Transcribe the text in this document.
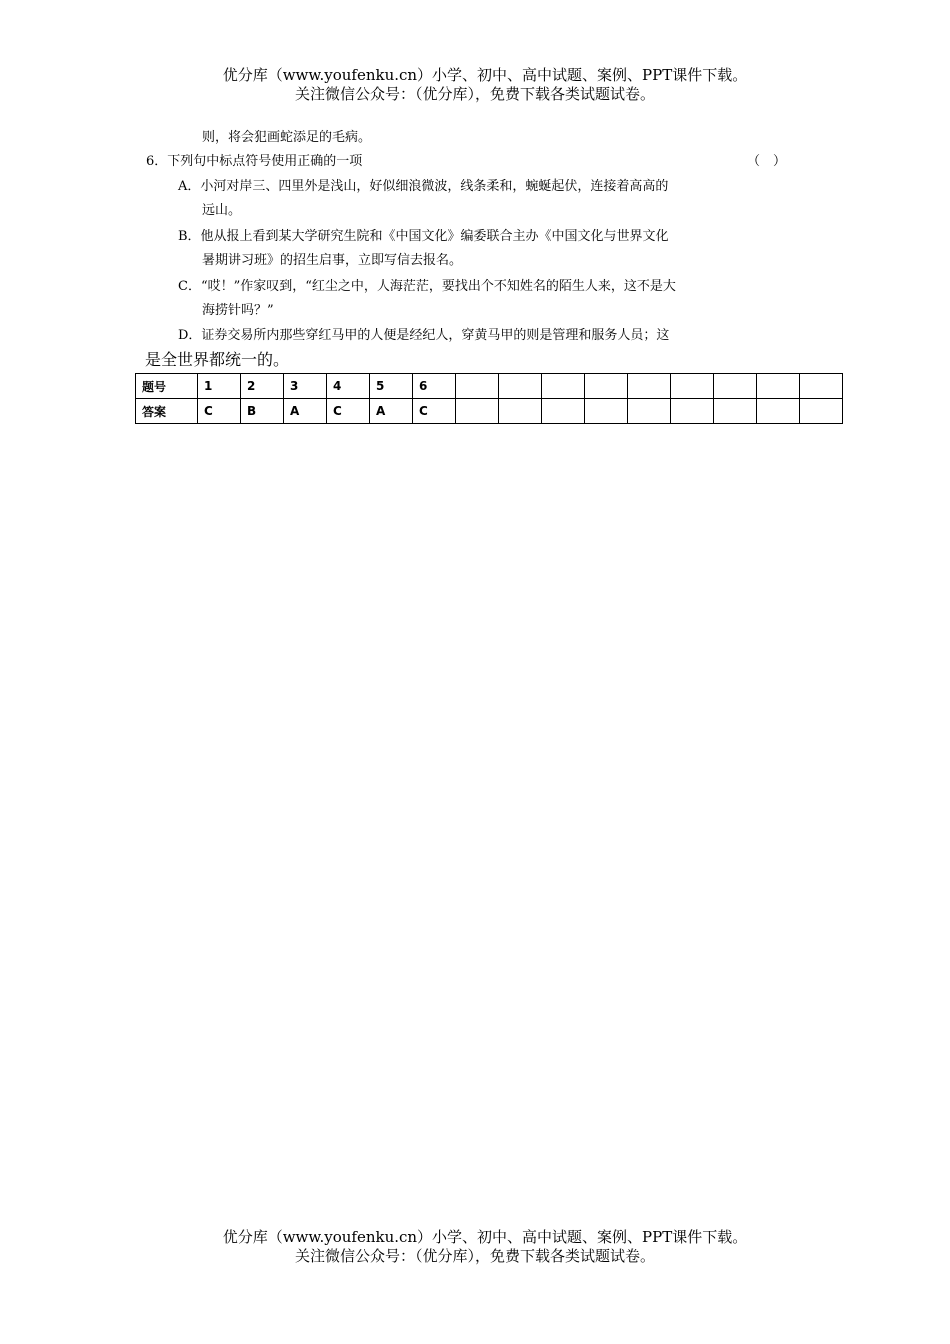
优分库（www.youfenku.cn）小学、初中、高中试题、案例、PPT课件下载。
关注微信公众号：（优分库），免费下载各类试题试卷。
则，将会犯画蛇添足的毛病。
6．下列句中标点符号使用正确的一项	（　）
A．小河对岸三、四里外是浅山，好似细浪微波，线条柔和，蜿蜒起伏，连接着高高的
远山。
B．他从报上看到某大学研究生院和《中国文化》编委联合主办《中国文化与世界文化
暑期讲习班》的招生启事，立即写信去报名。
C．“哎！”作家叹到，“红尘之中，人海茫茫，要找出个不知姓名的陌生人来，这不是大
海捞针吗？”
D．证券交易所内那些穿红马甲的人便是经纪人，穿黄马甲的则是管理和服务人员；这
是全世界都统一的。
题号	1	2	3	4	5	6									
答案	C	B	A	C	A	C									
优分库（www.youfenku.cn）小学、初中、高中试题、案例、PPT课件下载。
关注微信公众号：（优分库），免费下载各类试题试卷。
